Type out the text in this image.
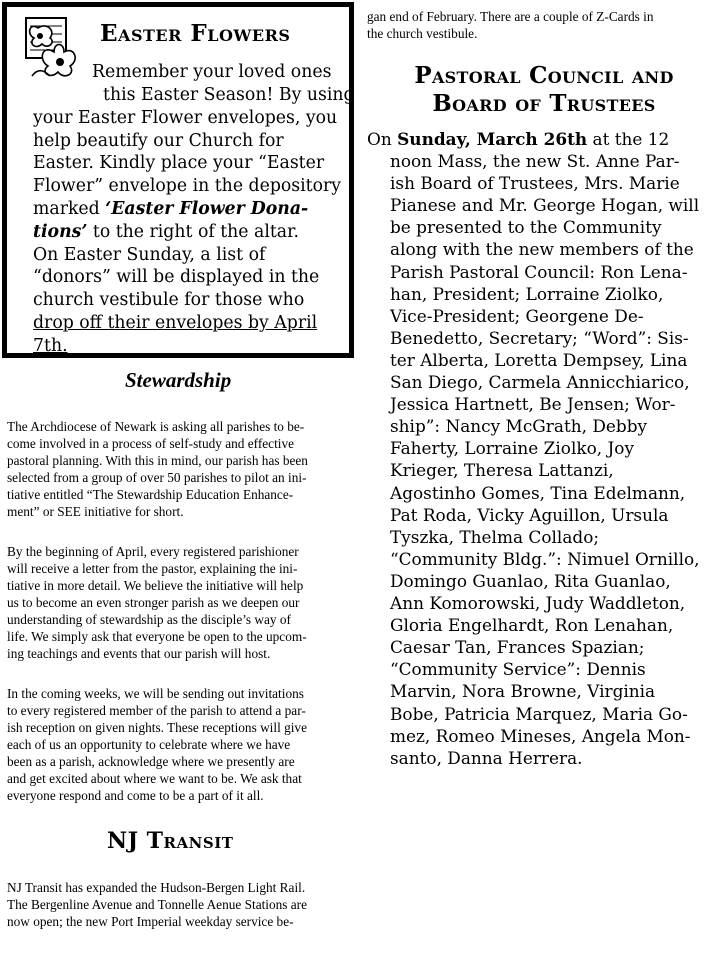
Easter Flowers
Remember your loved ones
this Easter Season! By using
your Easter Flower envelopes, you
help beautify our Church for
Easter. Kindly place your “Easter
Flower” envelope in the depository
marked ‘Easter Flower Dona-
tions’ to the right of the altar.
On Easter Sunday, a list of
“donors” will be displayed in the
church vestibule for those who
drop off their envelopes by April
7th.
Stewardship
The Archdiocese of Newark is asking all parishes to be-
come involved in a process of self-study and effective
pastoral planning. With this in mind, our parish has been
selected from a group of over 50 parishes to pilot an ini-
tiative entitled “The Stewardship Education Enhance-
ment” or SEE initiative for short.
By the beginning of April, every registered parishioner
will receive a letter from the pastor, explaining the ini-
tiative in more detail. We believe the initiative will help
us to become an even stronger parish as we deepen our
understanding of stewardship as the disciple’s way of
life. We simply ask that everyone be open to the upcom-
ing teachings and events that our parish will host.
In the coming weeks, we will be sending out invitations
to every registered member of the parish to attend a par-
ish reception on given nights. These receptions will give
each of us an opportunity to celebrate where we have
been as a parish, acknowledge where we presently are
and get excited about where we want to be. We ask that
everyone respond and come to be a part of it all.
NJ Transit
NJ Transit has expanded the Hudson-Bergen Light Rail.
The Bergenline Avenue and Tonnelle Aenue Stations are
now open; the new Port Imperial weekday service be-
gan end of February. There are a couple of Z-Cards in
the church vestibule.
Pastoral Council and
Board of Trustees
On Sunday, March 26th at the 12
noon Mass, the new St. Anne Par-
ish Board of Trustees, Mrs. Marie
Pianese and Mr. George Hogan, will
be presented to the Community
along with the new members of the
Parish Pastoral Council: Ron Lena-
han, President; Lorraine Ziolko,
Vice-President; Georgene De-
Benedetto, Secretary; “Word”: Sis-
ter Alberta, Loretta Dempsey, Lina
San Diego, Carmela Annicchiarico,
Jessica Hartnett, Be Jensen; Wor-
ship”: Nancy McGrath, Debby
Faherty, Lorraine Ziolko, Joy
Krieger, Theresa Lattanzi,
Agostinho Gomes, Tina Edelmann,
Pat Roda, Vicky Aguillon, Ursula
Tyszka, Thelma Collado;
“Community Bldg.”: Nimuel Ornillo,
Domingo Guanlao, Rita Guanlao,
Ann Komorowski, Judy Waddleton,
Gloria Engelhardt, Ron Lenahan,
Caesar Tan, Frances Spazian;
“Community Service”: Dennis
Marvin, Nora Browne, Virginia
Bobe, Patricia Marquez, Maria Go-
mez, Romeo Mineses, Angela Mon-
santo, Danna Herrera.
